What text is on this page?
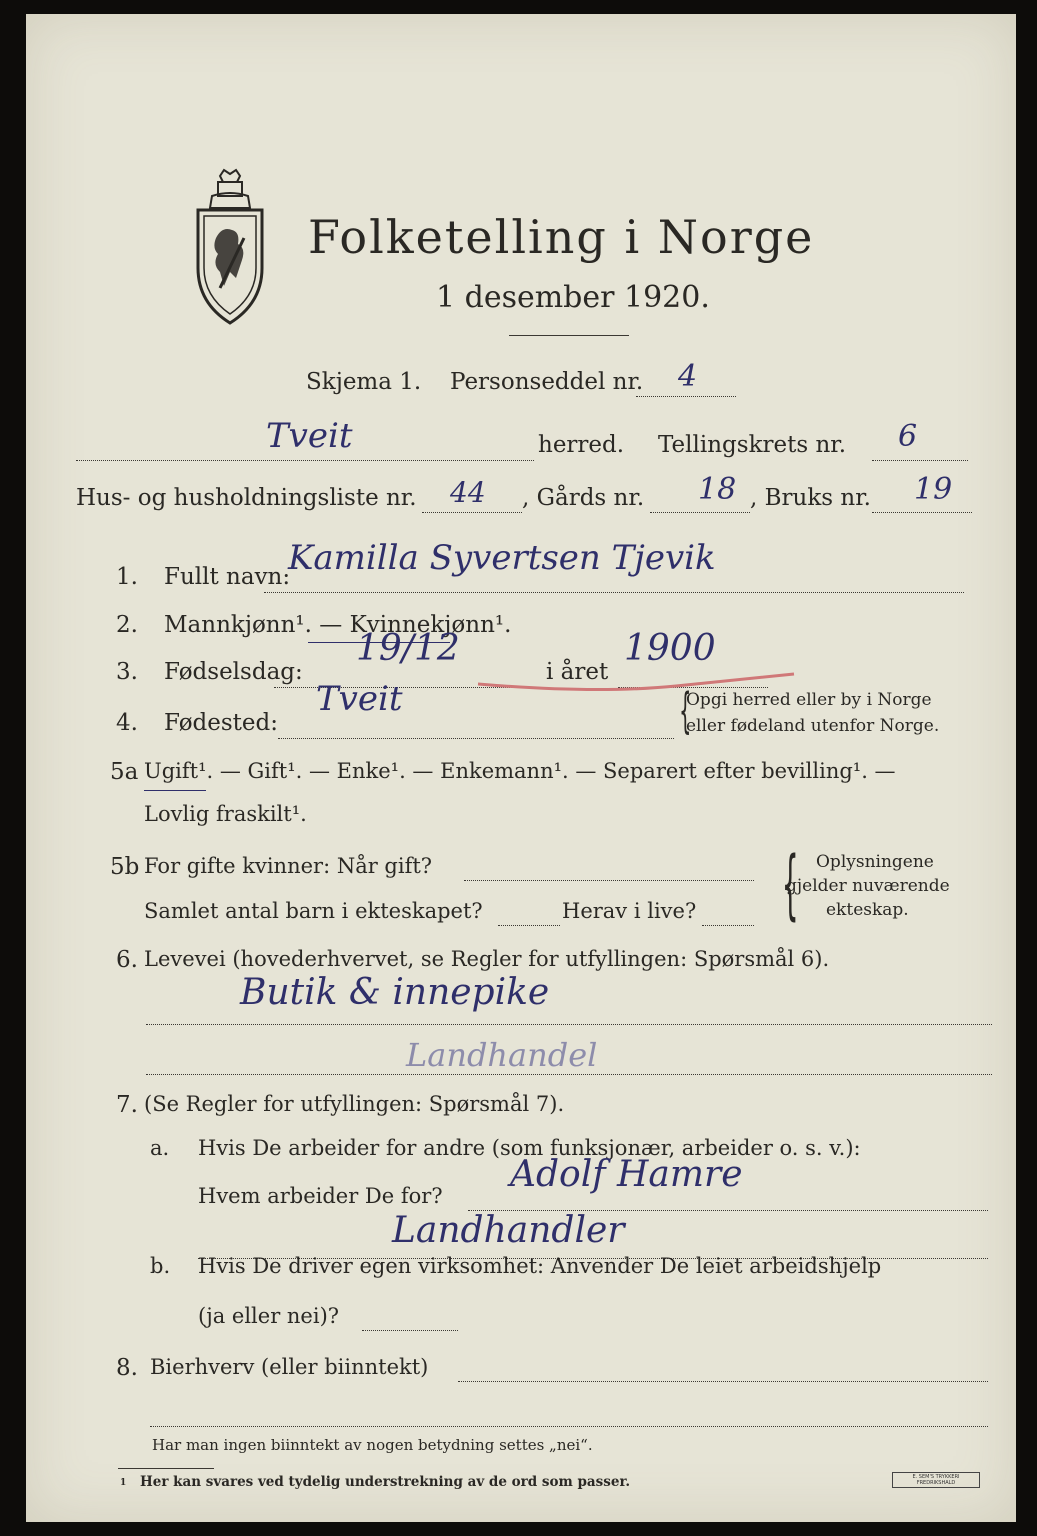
Folketelling i Norge
1 desember 1920.
Skjema 1. Personseddel nr. 4
Tveit	herred. Tellingskrets nr. 6
Hus- og husholdningsliste nr. 44 , Gårds nr. 18 , Bruks nr. 19
1. Fullt navn:
Kamilla Syvertsen Tjevik
2. Mannkjønn¹. — Kvinnekjønn¹.
3. Fødselsdag:
19/12
i året
1900
4. Fødested:
Tveit	{
Opgi herred eller by i Norge
eller fødeland utenfor Norge.
5a Ugift¹. — Gift¹. — Enke¹. — Enkemann¹. — Separert efter bevilling¹. —
Lovlig fraskilt¹.
5b For gifte kvinner: Når gift?
Samlet antal barn i ekteskapet?	Herav i live? { Oplysningene
gjelder nuværende
ekteskap.
6. Levevei (hovederhvervet, se Regler for utfyllingen: Spørsmål 6).
Butik & innepike
Landhandel
7. (Se Regler for utfyllingen: Spørsmål 7).
a. Hvis De arbeider for andre (som funksjonær, arbeider o. s. v.):
Hvem arbeider De for?
Adolf Hamre
Landhandler
b. Hvis De driver egen virksomhet: Anvender De leiet arbeidshjelp
(ja eller nei)?
8. Bierhverv (eller biinntekt)
Har man ingen biinntekt av nogen betydning settes „nei“.
1 Her kan svares ved tydelig understrekning av de ord som passer.	E. SEM'S TRYKKERI FREDRIKSHALD
